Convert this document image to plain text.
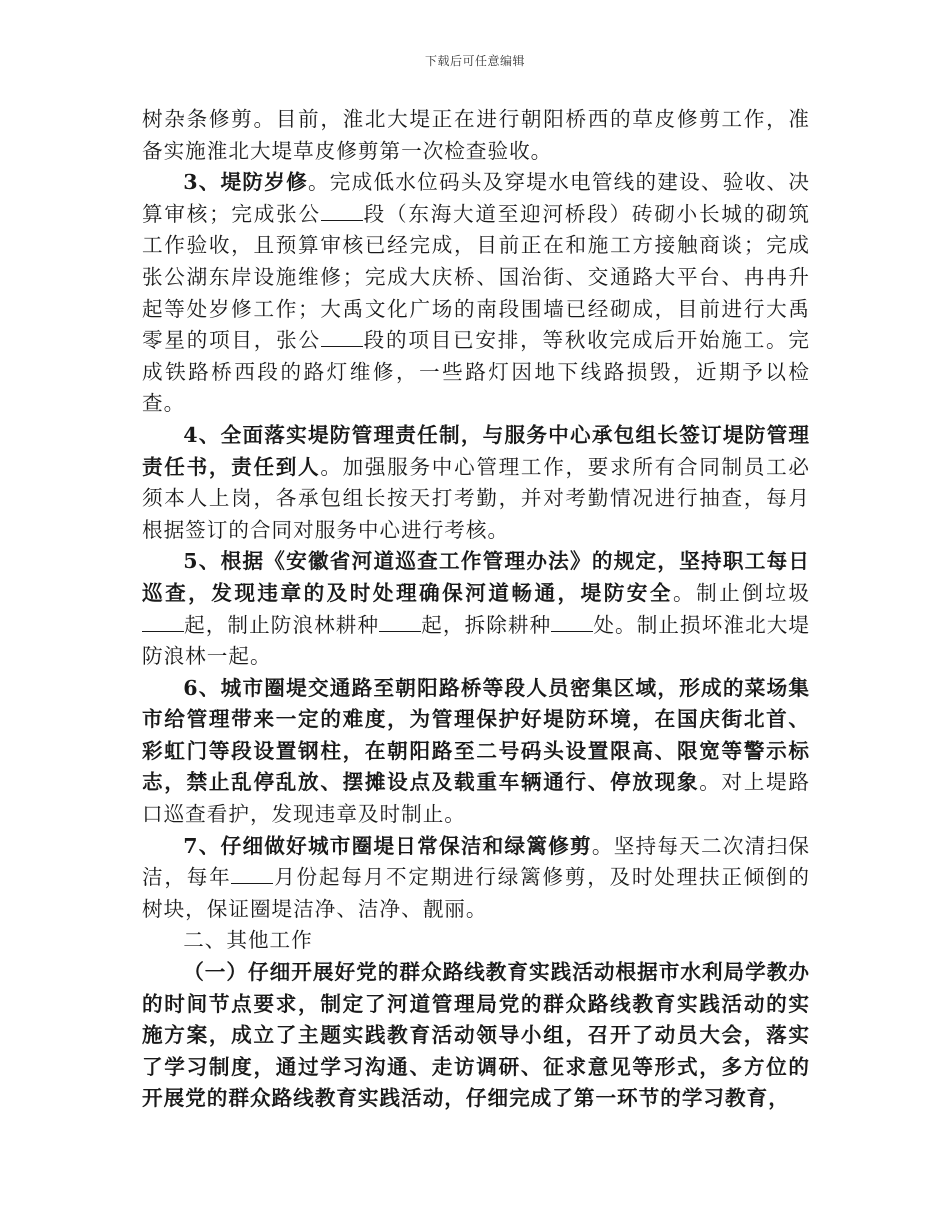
下载后可任意编辑

树杂条修剪。目前，淮北大堤正在进行朝阳桥西的草皮修剪工作，准备实施淮北大堤草皮修剪第一次检查验收。

3、堤防岁修。完成低水位码头及穿堤水电管线的建设、验收、决算审核；完成张公 段（东海大道至迎河桥段）砖砌小长城的砌筑工作验收，且预算审核已经完成，目前正在和施工方接触商谈；完成张公湖东岸设施维修；完成大庆桥、国治街、交通路大平台、冉冉升起等处岁修工作；大禹文化广场的南段围墙已经砌成，目前进行大禹零星的项目，张公 段的项目已安排，等秋收完成后开始施工。完成铁路桥西段的路灯维修，一些路灯因地下线路损毁，近期予以检查。

4、全面落实堤防管理责任制，与服务中心承包组长签订堤防管理责任书，责任到人。加强服务中心管理工作，要求所有合同制员工必须本人上岗，各承包组长按天打考勤，并对考勤情况进行抽查，每月根据签订的合同对服务中心进行考核。

5、根据《安徽省河道巡查工作管理办法》的规定，坚持职工每日巡查，发现违章的及时处理确保河道畅通，堤防安全。制止倒垃圾起，制止防浪林耕种 起，拆除耕种 处。制止损坏淮北大堤防浪林一起。

6、城市圈堤交通路至朝阳路桥等段人员密集区域，形成的菜场集市给管理带来一定的难度，为管理保护好堤防环境，在国庆街北首、彩虹门等段设置钢柱，在朝阳路至二号码头设置限高、限宽等警示标志，禁止乱停乱放、摆摊设点及载重车辆通行、停放现象。对上堤路口巡查看护，发现违章及时制止。

7、仔细做好城市圈堤日常保洁和绿篱修剪。坚持每天二次清扫保洁，每年 月份起每月不定期进行绿篱修剪，及时处理扶正倾倒的树块，保证圈堤洁净、洁净、靓丽。

二、其他工作

（一）仔细开展好党的群众路线教育实践活动根据市水利局学教办的时间节点要求，制定了河道管理局党的群众路线教育实践活动的实施方案，成立了主题实践教育活动领导小组，召开了动员大会，落实了学习制度，通过学习沟通、走访调研、征求意见等形式，多方位的开展党的群众路线教育实践活动，仔细完成了第一环节的学习教育，
